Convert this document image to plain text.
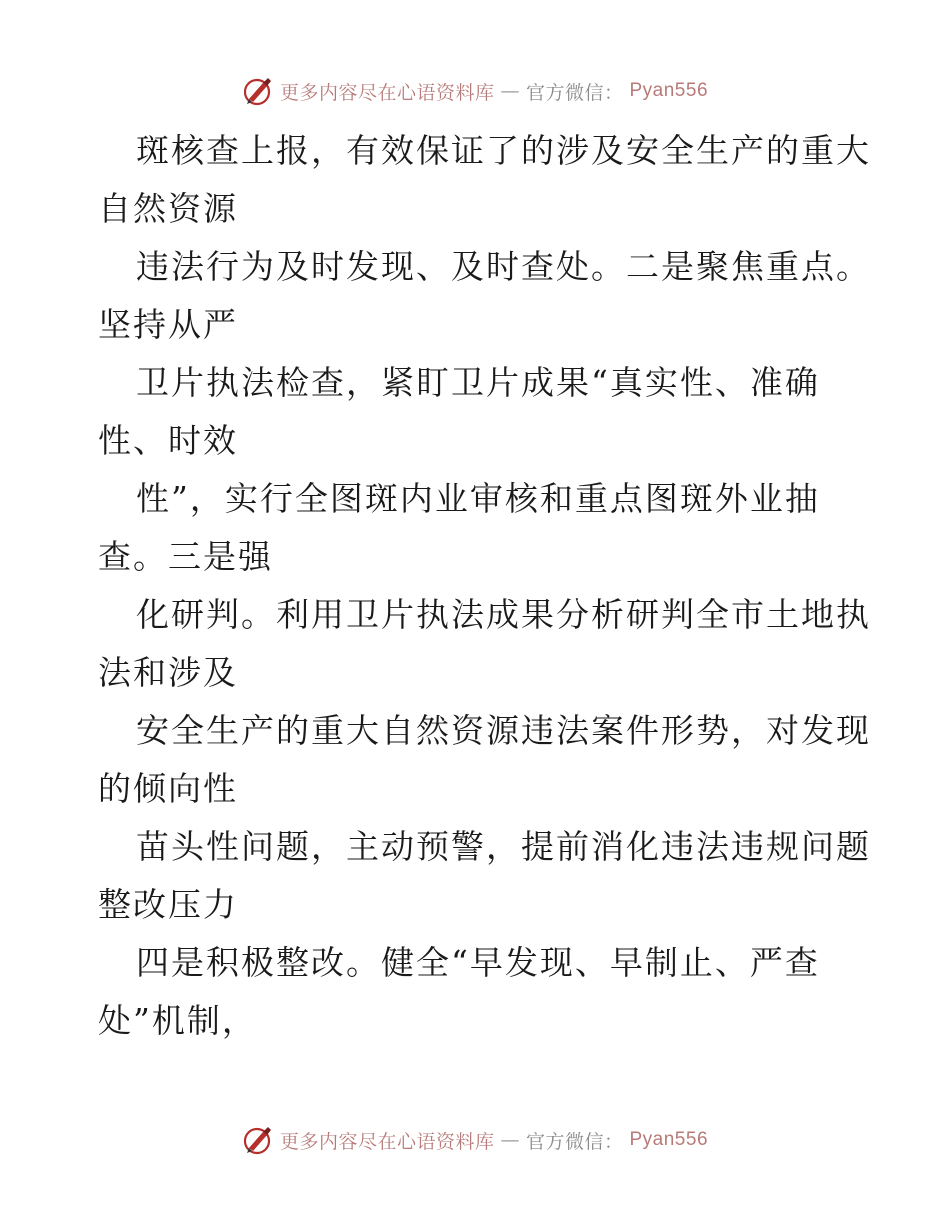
更多内容尽在心语资料库 — 官方微信： Pyan556
斑核查上报，有效保证了的涉及安全生产的重大
自然资源
违法行为及时发现、及时查处。二是聚焦重点。
坚持从严
卫片执法检查，紧盯卫片成果“真实性、准确
性、时效
性”，实行全图斑内业审核和重点图斑外业抽
查。三是强
化研判。利用卫片执法成果分析研判全市土地执
法和涉及
安全生产的重大自然资源违法案件形势，对发现
的倾向性
苗头性问题，主动预警，提前消化违法违规问题
整改压力
四是积极整改。健全“早发现、早制止、严查
处”机制，
更多内容尽在心语资料库 — 官方微信： Pyan556
